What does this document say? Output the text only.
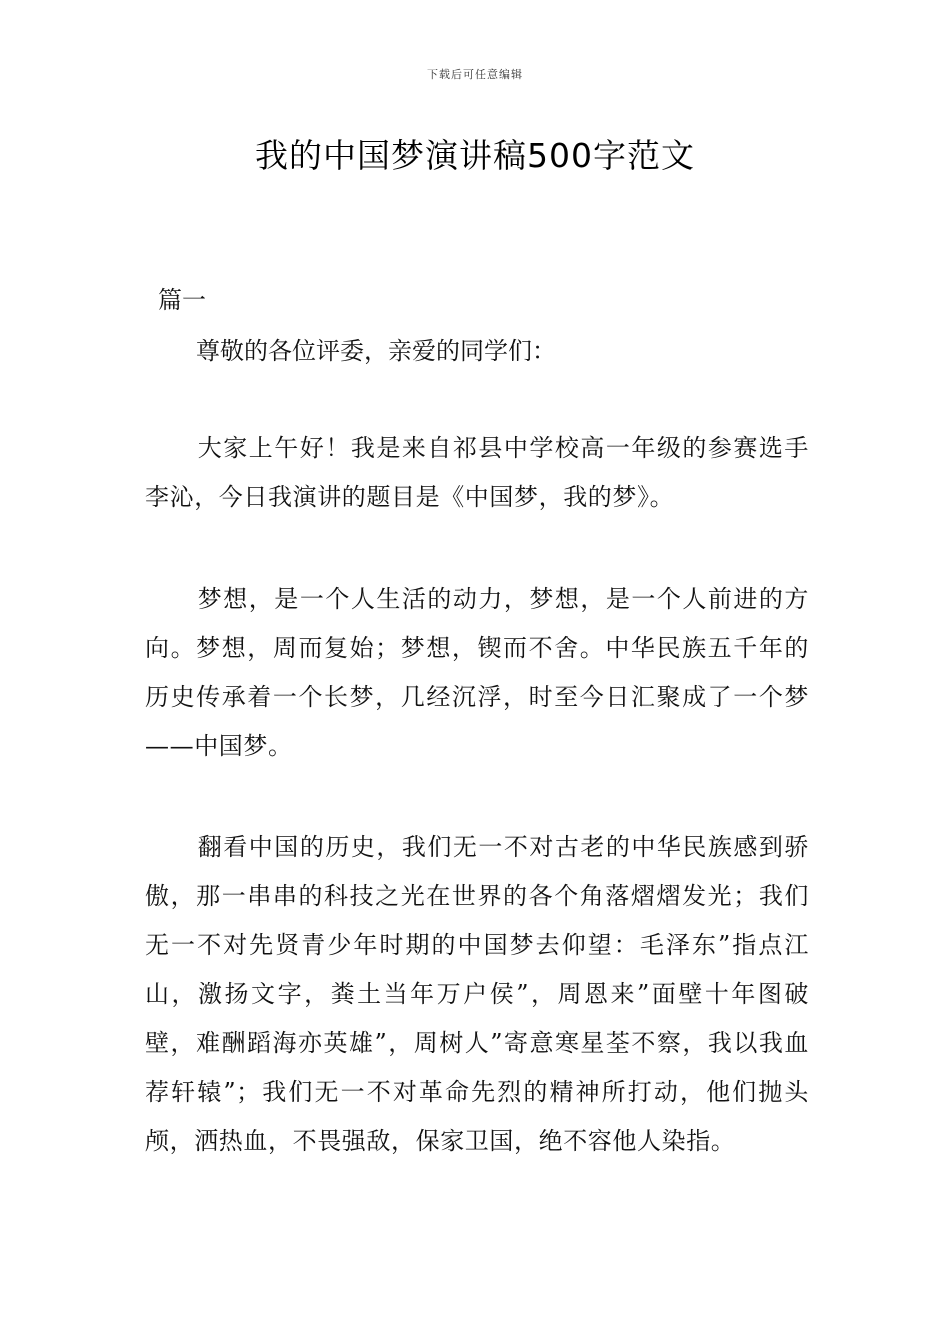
下载后可任意编辑
我的中国梦演讲稿500字范文
篇一
尊敬的各位评委，亲爱的同学们：

大家上午好！我是来自祁县中学校高一年级的参赛选手李沁，今日我演讲的题目是《中国梦，我的梦》。

梦想，是一个人生活的动力，梦想，是一个人前进的方向。梦想，周而复始；梦想，锲而不舍。中华民族五千年的历史传承着一个长梦，几经沉浮，时至今日汇聚成了一个梦——中国梦。

翻看中国的历史，我们无一不对古老的中华民族感到骄傲，那一串串的科技之光在世界的各个角落熠熠发光；我们无一不对先贤青少年时期的中国梦去仰望：毛泽东”指点江山，激扬文字，粪土当年万户侯”，周恩来”面壁十年图破壁，难酬蹈海亦英雄”，周树人”寄意寒星荃不察，我以我血荐轩辕”；我们无一不对革命先烈的精神所打动，他们抛头颅，洒热血，不畏强敌，保家卫国，绝不容他人染指。
